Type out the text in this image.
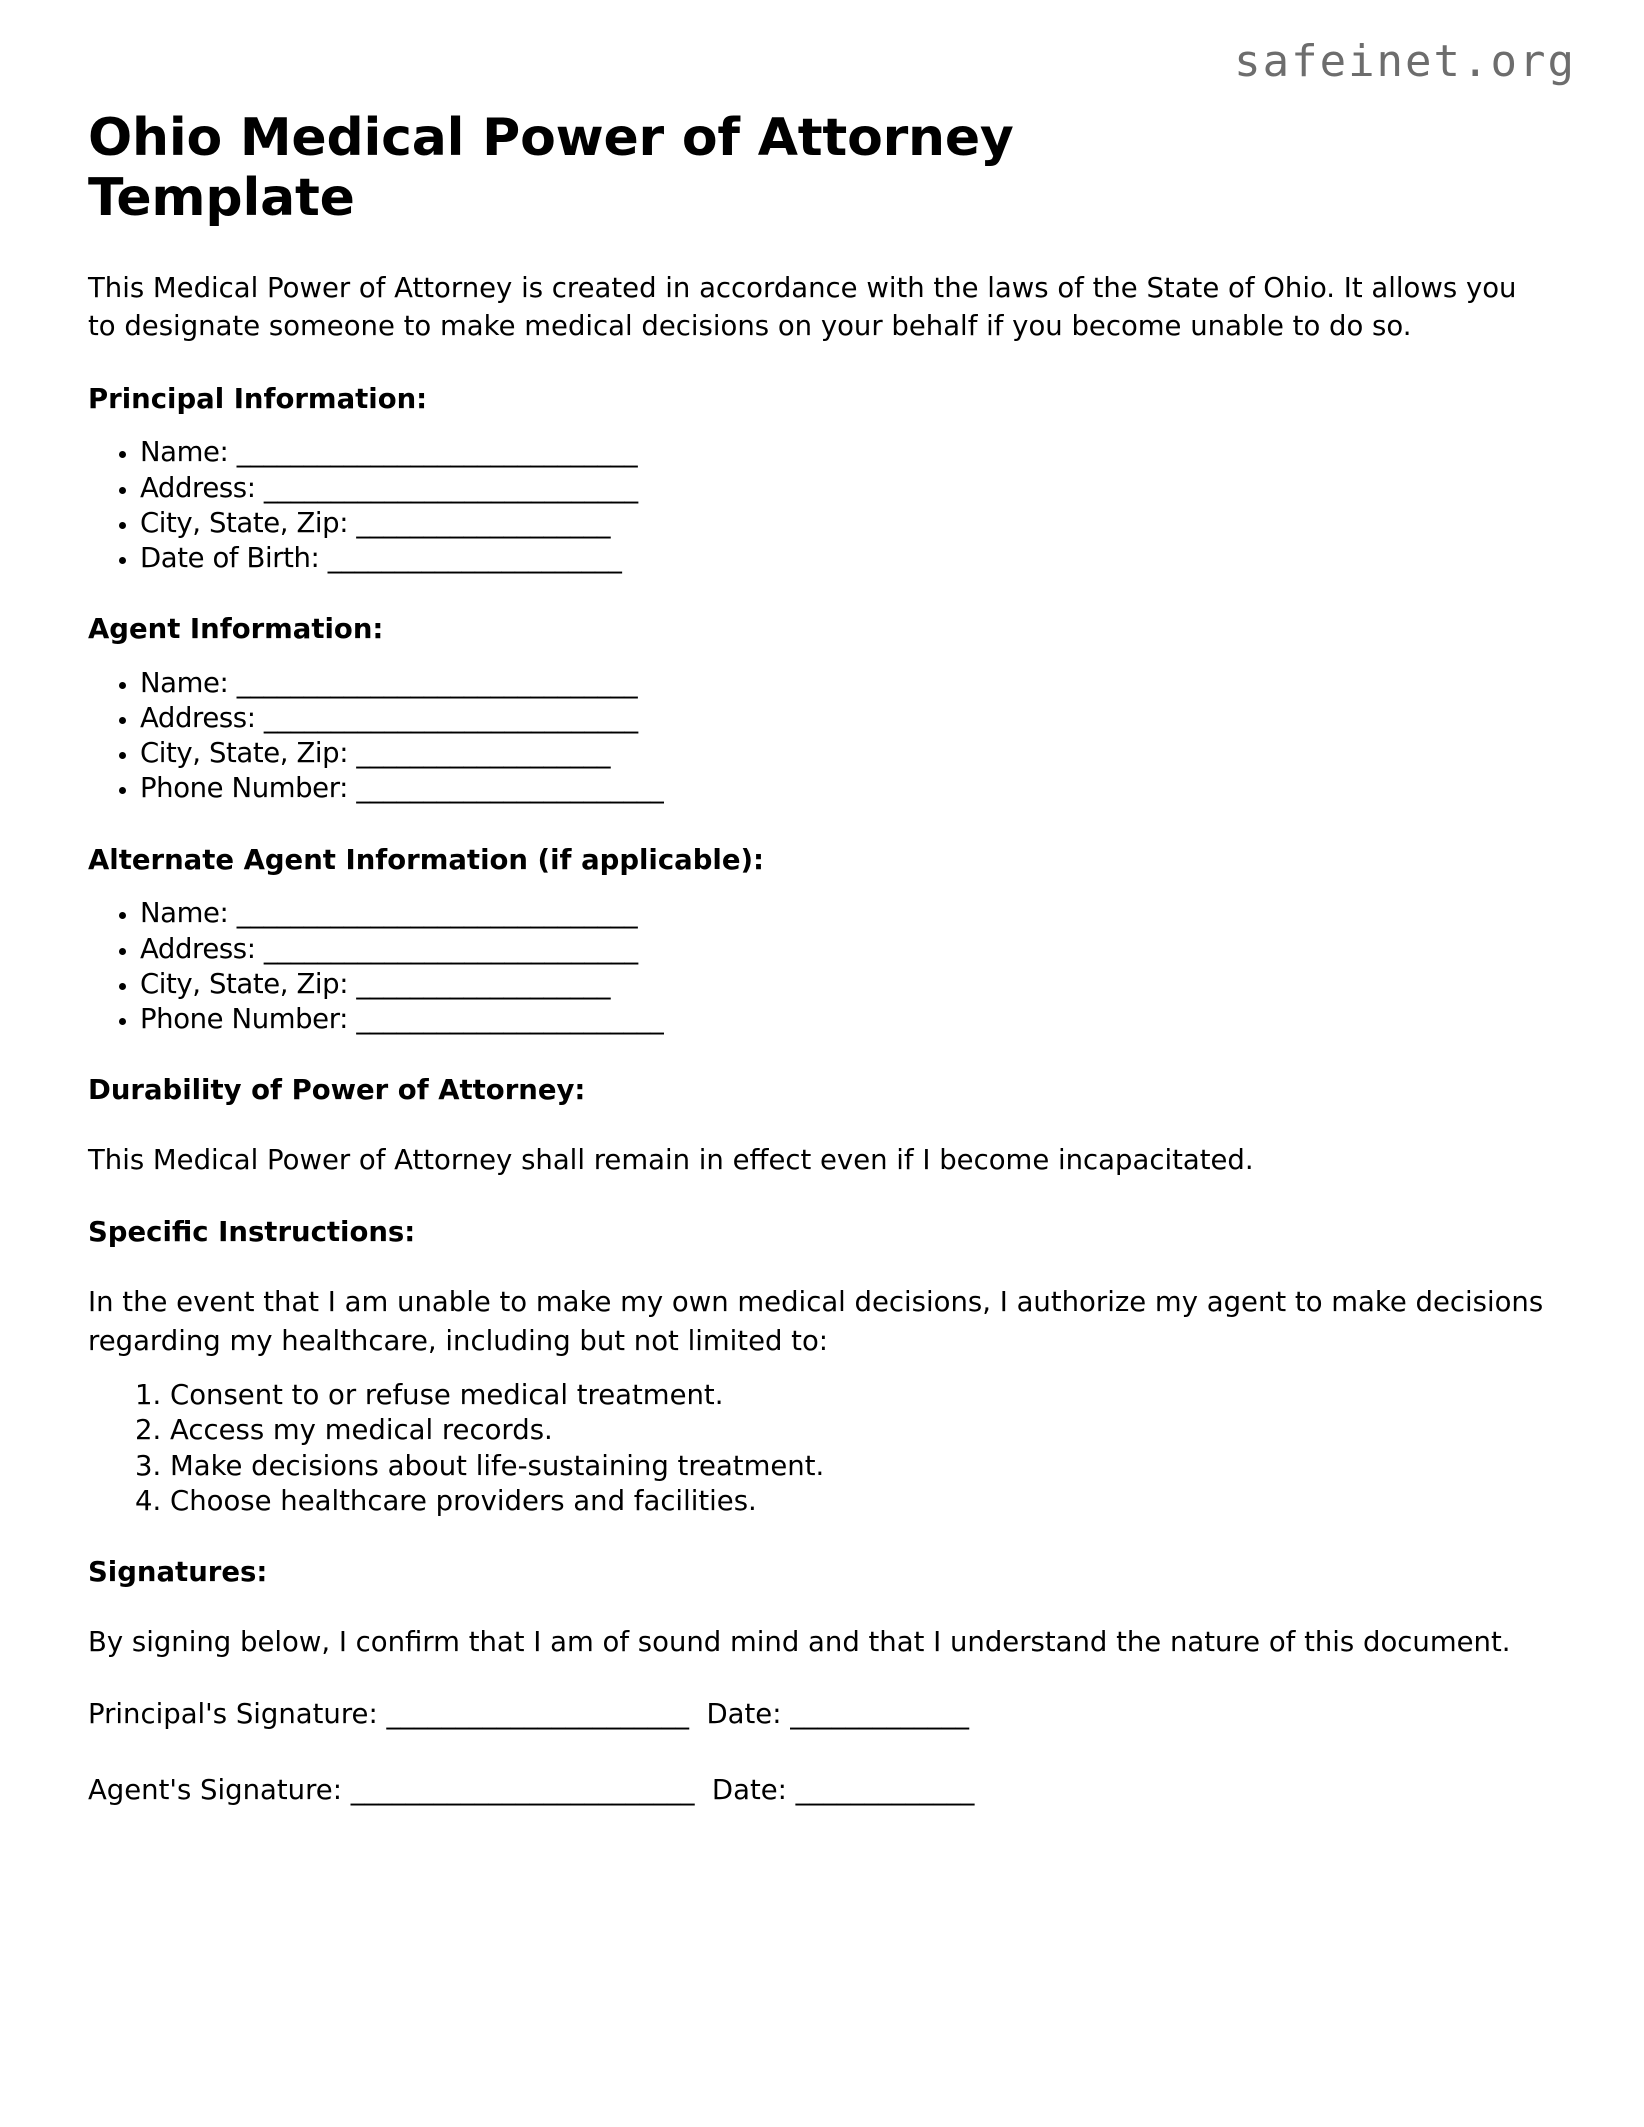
safeinet.org
Ohio Medical Power of Attorney Template

This Medical Power of Attorney is created in accordance with the laws of the State of Ohio. It allows you to designate someone to make medical decisions on your behalf if you become unable to do so.

Principal Information:
• Name: ______________________________
• Address: ____________________________
• City, State, Zip: ___________________
• Date of Birth: ______________________
Agent Information:
• Name: ______________________________
• Address: ____________________________
• City, State, Zip: ___________________
• Phone Number: _______________________
Alternate Agent Information (if applicable):
• Name: ______________________________
• Address: ____________________________
• City, State, Zip: ___________________
• Phone Number: _______________________
Durability of Power of Attorney:

This Medical Power of Attorney shall remain in effect even if I become incapacitated.

Specific Instructions:

In the event that I am unable to make my own medical decisions, I authorize my agent to make decisions regarding my healthcare, including but not limited to:

1. Consent to or refuse medical treatment.
2. Access my medical records.
3. Make decisions about life-sustaining treatment.
4. Choose healthcare providers and facilities.
Signatures:

By signing below, I confirm that I am of sound mind and that I understand the nature of this document.

Principal's Signature: ______________________  Date: _____________

Agent's Signature: _________________________  Date: _____________
